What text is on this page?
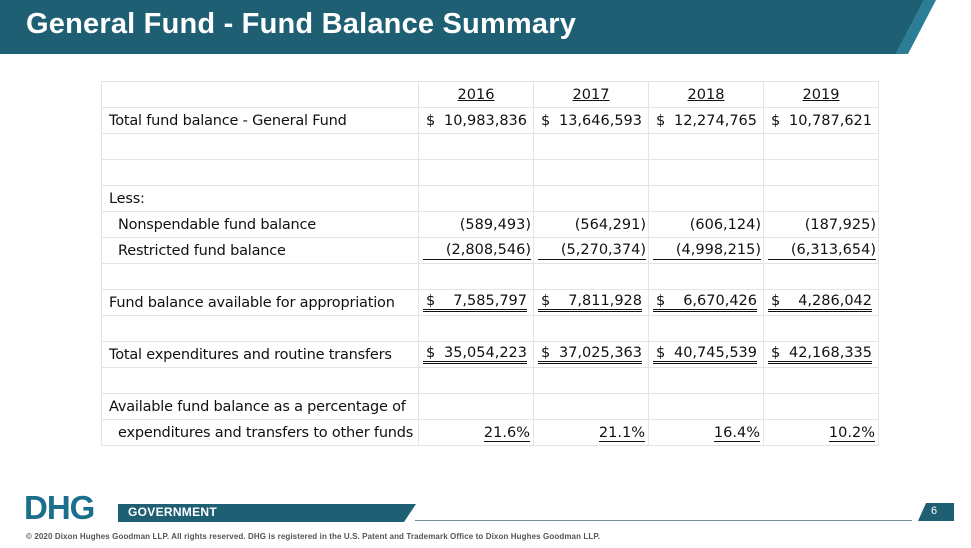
General Fund - Fund Balance Summary
	2016	2017	2018	2019
Total fund balance - General Fund	$ 10,983,836	$ 13,646,593	$ 12,274,765	$ 10,787,621

Less:				
Nonspendable fund balance	(589,493)	(564,291)	(606,124)	(187,925)
Restricted fund balance	(2,808,546)	(5,270,374)	(4,998,215)	(6,313,654)

Fund balance available for appropriation	$ 7,585,797	$ 7,811,928	$ 6,670,426	$ 4,286,042

Total expenditures and routine transfers	$ 35,054,223	$ 37,025,363	$ 40,745,539	$ 42,168,335

Available fund balance as a percentage of				
expenditures and transfers to other funds	21.6%	21.1%	16.4%	10.2%
DHG	GOVERNMENT	6
© 2020 Dixon Hughes Goodman LLP. All rights reserved. DHG is registered in the U.S. Patent and Trademark Office to Dixon Hughes Goodman LLP.
